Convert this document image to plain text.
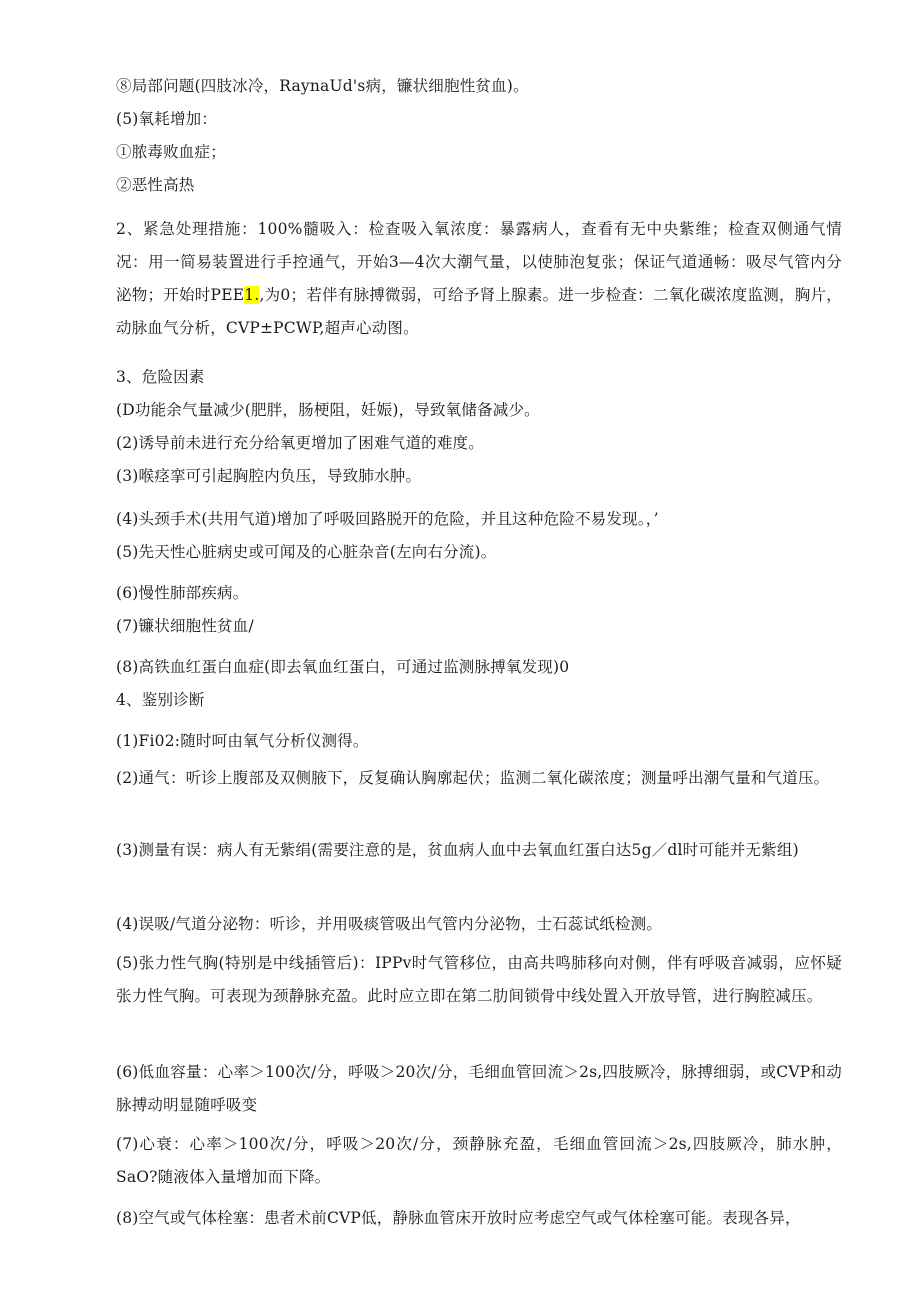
⑧局部问题(四肢冰冷，RaynaUd's病，镰状细胞性贫血)。

(5)氧耗增加：

①脓毒败血症；

②恶性高热

2、紧急处理措施：100%髓吸入：检查吸入氧浓度：暴露病人，查看有无中央紫维；检查双侧通气情况：用一简易装置进行手控通气，开始3—4次大潮气量，以使肺泡复张；保证气道通畅：吸尽气管内分泌物；开始时PEE1.,为0；若伴有脉搏微弱，可给予肾上腺素。进一步检查：二氧化碳浓度监测，胸片，动脉血气分析，CVP±PCWP,超声心动图。

3、危险因素

(D功能余气量减少(肥胖，肠梗阻，妊娠)，导致氧储备减少。

(2)诱导前未进行充分给氧更增加了困难气道的难度。

(3)喉痉挛可引起胸腔内负压，导致肺水肿。

(4)头颈手术(共用气道)增加了呼吸回路脱开的危险，并且这种危险不易发现。，’

(5)先天性心脏病史或可闻及的心脏杂音(左向右分流)。

(6)慢性肺部疾病。

(7)镰状细胞性贫血/

(8)高铁血红蛋白血症(即去氧血红蛋白，可通过监测脉搏氧发现)0

4、鉴别诊断

(1)Fi02:随时呵由氧气分析仪测得。

(2)通气：听诊上腹部及双侧腋下，反复确认胸廓起伏；监测二氧化碳浓度；测量呼出潮气量和气道压。

(3)测量有误：病人有无紫绢(需要注意的是，贫血病人血中去氧血红蛋白达5g／dl时可能并无紫组)

(4)误吸/气道分泌物：听诊，并用吸痰管吸出气管内分泌物，士石蕊试纸检测。

(5)张力性气胸(特别是中线插管后)：IPPv时气管移位，由高共鸣肺移向对侧，伴有呼吸音减弱，应怀疑张力性气胸。可表现为颈静脉充盈。此时应立即在第二肋间锁骨中线处置入开放导管，进行胸腔减压。

(6)低血容量：心率＞100次/分，呼吸＞20次/分，毛细血管回流＞2s,四肢厥冷，脉搏细弱，或CVP和动脉搏动明显随呼吸变

(7)心衰：心率＞100次/分，呼吸＞20次/分，颈静脉充盈，毛细血管回流＞2s,四肢厥冷，肺水肿，SaO?随液体入量增加而下降。

(8)空气或气体栓塞：患者术前CVP低，静脉血管床开放时应考虑空气或气体栓塞可能。表现各异，
